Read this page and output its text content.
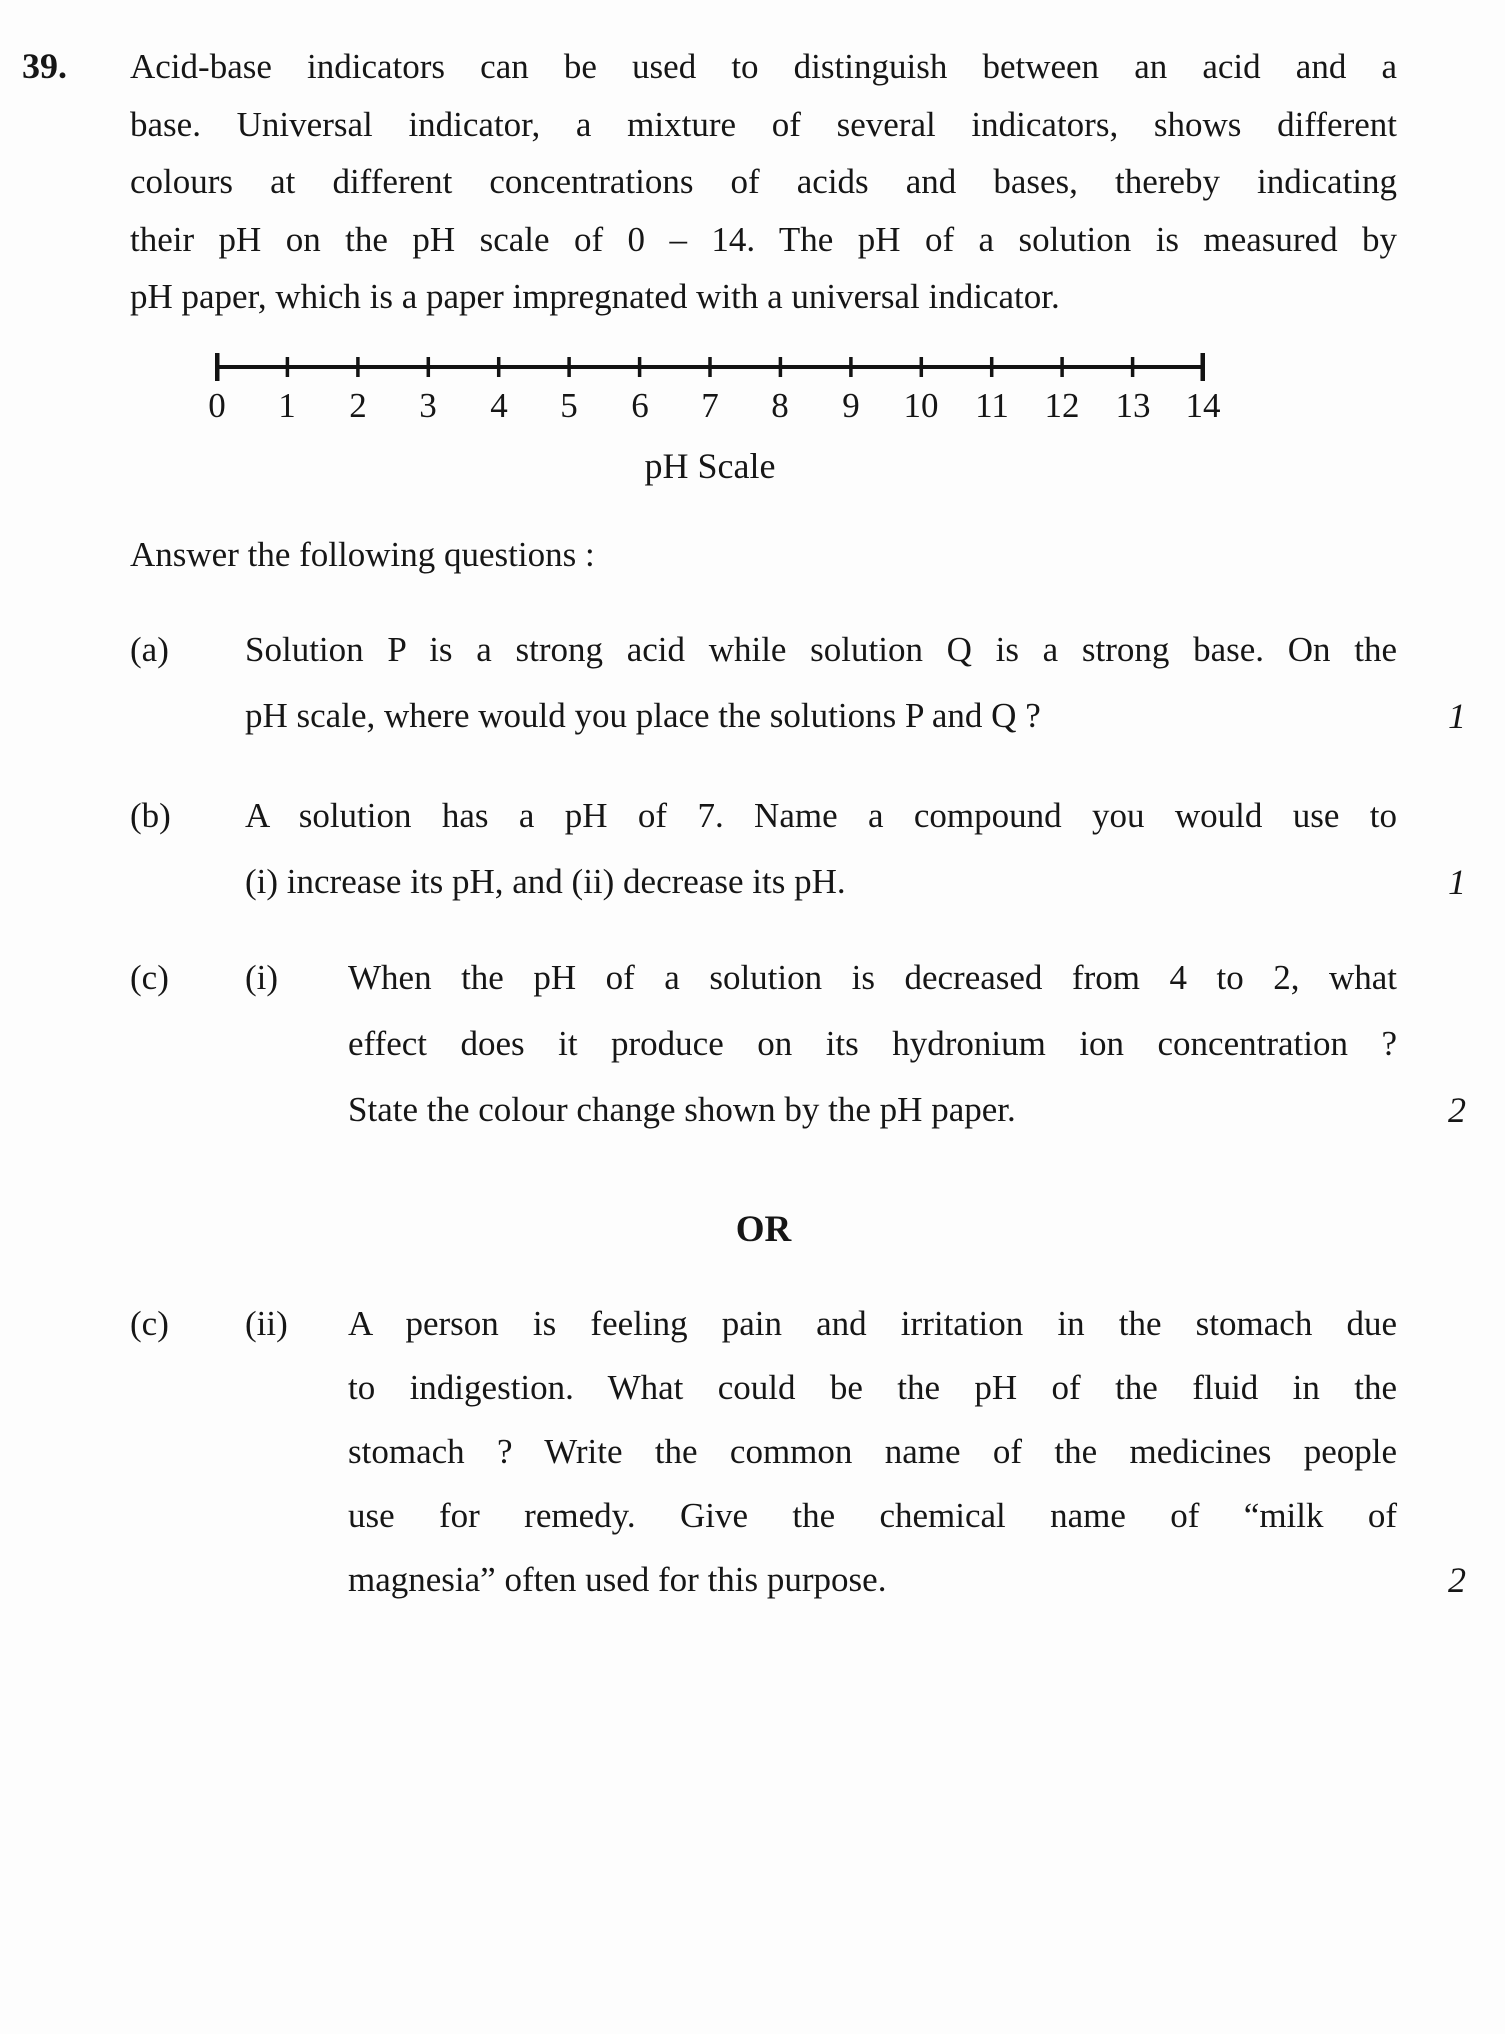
39.	Acid-base indicators can be used to distinguish between an acid and a
base. Universal indicator, a mixture of several indicators, shows different
colours at different concentrations of acids and bases, thereby indicating
their pH on the pH scale of 0 – 14. The pH of a solution is measured by
pH paper, which is a paper impregnated with a universal indicator.
0 1 2 3 4 5 6 7 8 9 10 11 12 13 14
pH Scale
Answer the following questions :
(a)	Solution P is a strong acid while solution Q is a strong base. On the
pH scale, where would you place the solutions P and Q ?	1
(b)	A solution has a pH of 7. Name a compound you would use to
(i) increase its pH, and (ii) decrease its pH.	1
(c)	(i)	When the pH of a solution is decreased from 4 to 2, what
effect does it produce on its hydronium ion concentration ?
State the colour change shown by the pH paper.	2
OR
(c)	(ii)	A person is feeling pain and irritation in the stomach due
to indigestion. What could be the pH of the fluid in the
stomach ? Write the common name of the medicines people
use for remedy. Give the chemical name of “milk of
magnesia” often used for this purpose.	2
